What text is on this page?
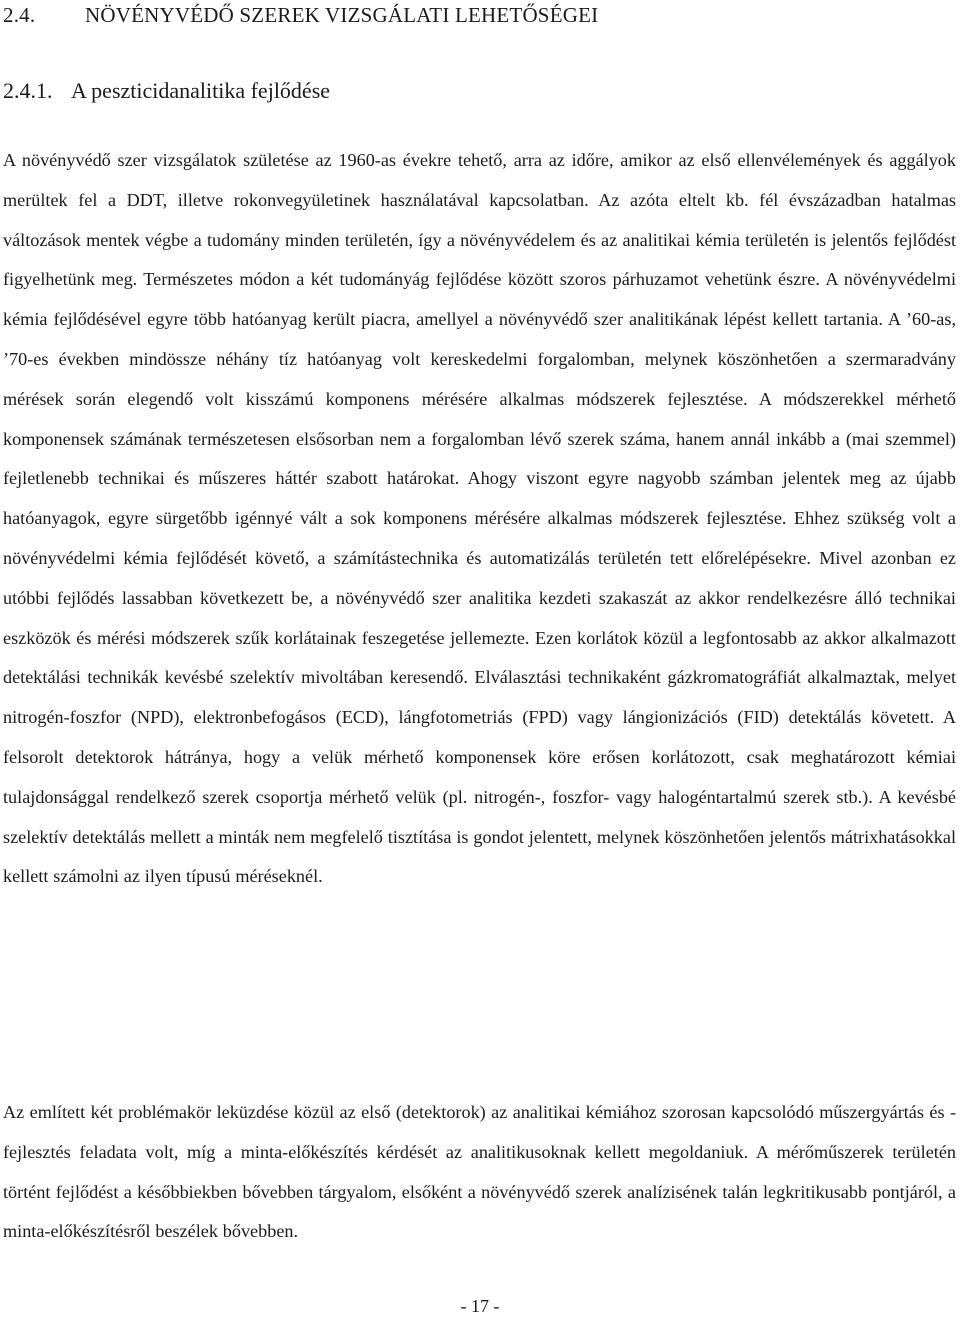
2.4. NÖVÉNYVÉDŐ SZEREK VIZSGÁLATI LEHETŐSÉGEI
2.4.1. A peszticidanalitika fejlődése

A növényvédő szer vizsgálatok születése az 1960-as évekre tehető, arra az időre, amikor az első ellenvélemények és aggályok merültek fel a DDT, illetve rokonvegyületinek használatával kapcsolatban. Az azóta eltelt kb. fél évszázadban hatalmas változások mentek végbe a tudomány minden területén, így a növényvédelem és az analitikai kémia területén is jelentős fejlődést figyelhetünk meg. Természetes módon a két tudományág fejlődése között szoros párhuzamot vehetünk észre. A növényvédelmi kémia fejlődésével egyre több hatóanyag került piacra, amellyel a növényvédő szer analitikának lépést kellett tartania. A ’60-as, ’70-es években mindössze néhány tíz hatóanyag volt kereskedelmi forgalomban, melynek köszönhetően a szermaradvány mérések során elegendő volt kisszámú komponens mérésére alkalmas módszerek fejlesztése. A módszerekkel mérhető komponensek számának természetesen elsősorban nem a forgalomban lévő szerek száma, hanem annál inkább a (mai szemmel) fejletlenebb technikai és műszeres háttér szabott határokat. Ahogy viszont egyre nagyobb számban jelentek meg az újabb hatóanyagok, egyre sürgetőbb igénnyé vált a sok komponens mérésére alkalmas módszerek fejlesztése. Ehhez szükség volt a növényvédelmi kémia fejlődését követő, a számítástechnika és automatizálás területén tett előrelépésekre. Mivel azonban ez utóbbi fejlődés lassabban következett be, a növényvédő szer analitika kezdeti szakaszát az akkor rendelkezésre álló technikai eszközök és mérési módszerek szűk korlátainak feszegetése jellemezte. Ezen korlátok közül a legfontosabb az akkor alkalmazott detektálási technikák kevésbé szelektív mivoltában keresendő. Elválasztási technikaként gázkromatográfiát alkalmaztak, melyet nitrogén-foszfor (NPD), elektronbefogásos (ECD), lángfotometriás (FPD) vagy lángionizációs (FID) detektálás követett. A felsorolt detektorok hátránya, hogy a velük mérhető komponensek köre erősen korlátozott, csak meghatározott kémiai tulajdonsággal rendelkező szerek csoportja mérhető velük (pl. nitrogén-, foszfor- vagy halogéntartalmú szerek stb.). A kevésbé szelektív detektálás mellett a minták nem megfelelő tisztítása is gondot jelentett, melynek köszönhetően jelentős mátrixhatásokkal kellett számolni az ilyen típusú méréseknél.

Az említett két problémakör leküzdése közül az első (detektorok) az analitikai kémiához szorosan kapcsolódó műszergyártás és -fejlesztés feladata volt, míg a minta-előkészítés kérdését az analitikusoknak kellett megoldaniuk. A mérőműszerek területén történt fejlődést a későbbiekben bővebben tárgyalom, elsőként a növényvédő szerek analízisének talán legkritikusabb pontjáról, a minta-előkészítésről beszélek bővebben.

- 17 -
